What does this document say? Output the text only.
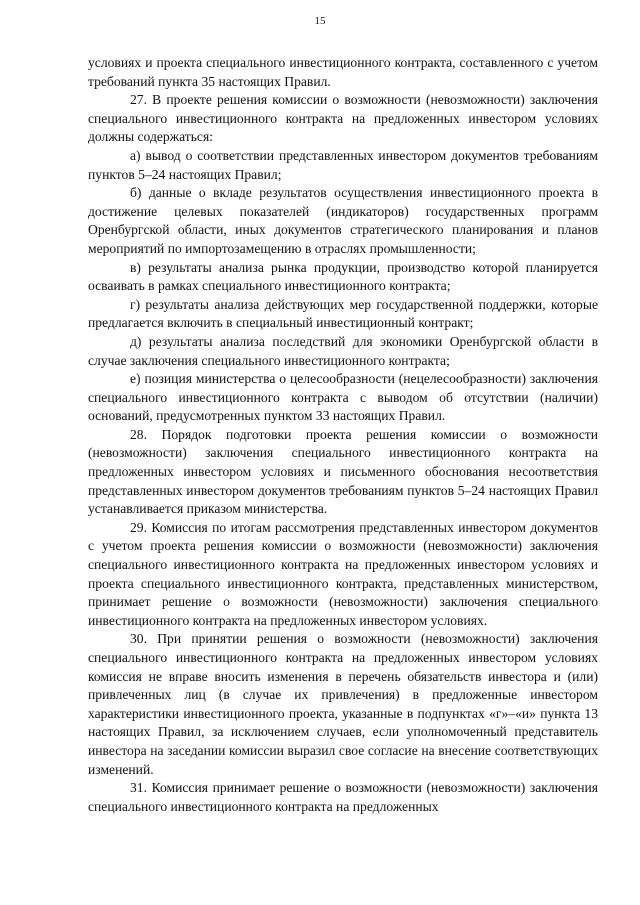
15

условиях и проекта специального инвестиционного контракта, составленного с учетом требований пункта 35 настоящих Правил.

27. В проекте решения комиссии о возможности (невозможности) заключения специального инвестиционного контракта на предложенных инвестором условиях должны содержаться:

а) вывод о соответствии представленных инвестором документов требованиям пунктов 5–24 настоящих Правил;

б) данные о вкладе результатов осуществления инвестиционного проекта в достижение целевых показателей (индикаторов) государственных программ Оренбургской области, иных документов стратегического планирования и планов мероприятий по импортозамещению в отраслях промышленности;

в) результаты анализа рынка продукции, производство которой планируется осваивать в рамках специального инвестиционного контракта;

г) результаты анализа действующих мер государственной поддержки, которые предлагается включить в специальный инвестиционный контракт;

д) результаты анализа последствий для экономики Оренбургской области в случае заключения специального инвестиционного контракта;

е) позиция министерства о целесообразности (нецелесообразности) заключения специального инвестиционного контракта с выводом об отсутствии (наличии) оснований, предусмотренных пунктом 33 настоящих Правил.

28. Порядок подготовки проекта решения комиссии о возможности (невозможности) заключения специального инвестиционного контракта на предложенных инвестором условиях и письменного обоснования несоответствия представленных инвестором документов требованиям пунктов 5–24 настоящих Правил устанавливается приказом министерства.

29. Комиссия по итогам рассмотрения представленных инвестором документов с учетом проекта решения комиссии о возможности (невозможности) заключения специального инвестиционного контракта на предложенных инвестором условиях и проекта специального инвестиционного контракта, представленных министерством, принимает решение о возможности (невозможности) заключения специального инвестиционного контракта на предложенных инвестором условиях.

30. При принятии решения о возможности (невозможности) заключения специального инвестиционного контракта на предложенных инвестором условиях комиссия не вправе вносить изменения в перечень обязательств инвестора и (или) привлеченных лиц (в случае их привлечения) в предложенные инвестором характеристики инвестиционного проекта, указанные в подпунктах «г»–«и» пункта 13 настоящих Правил, за исключением случаев, если уполномоченный представитель инвестора на заседании комиссии выразил свое согласие на внесение соответствующих изменений.

31. Комиссия принимает решение о возможности (невозможности) заключения специального инвестиционного контракта на предложенных
